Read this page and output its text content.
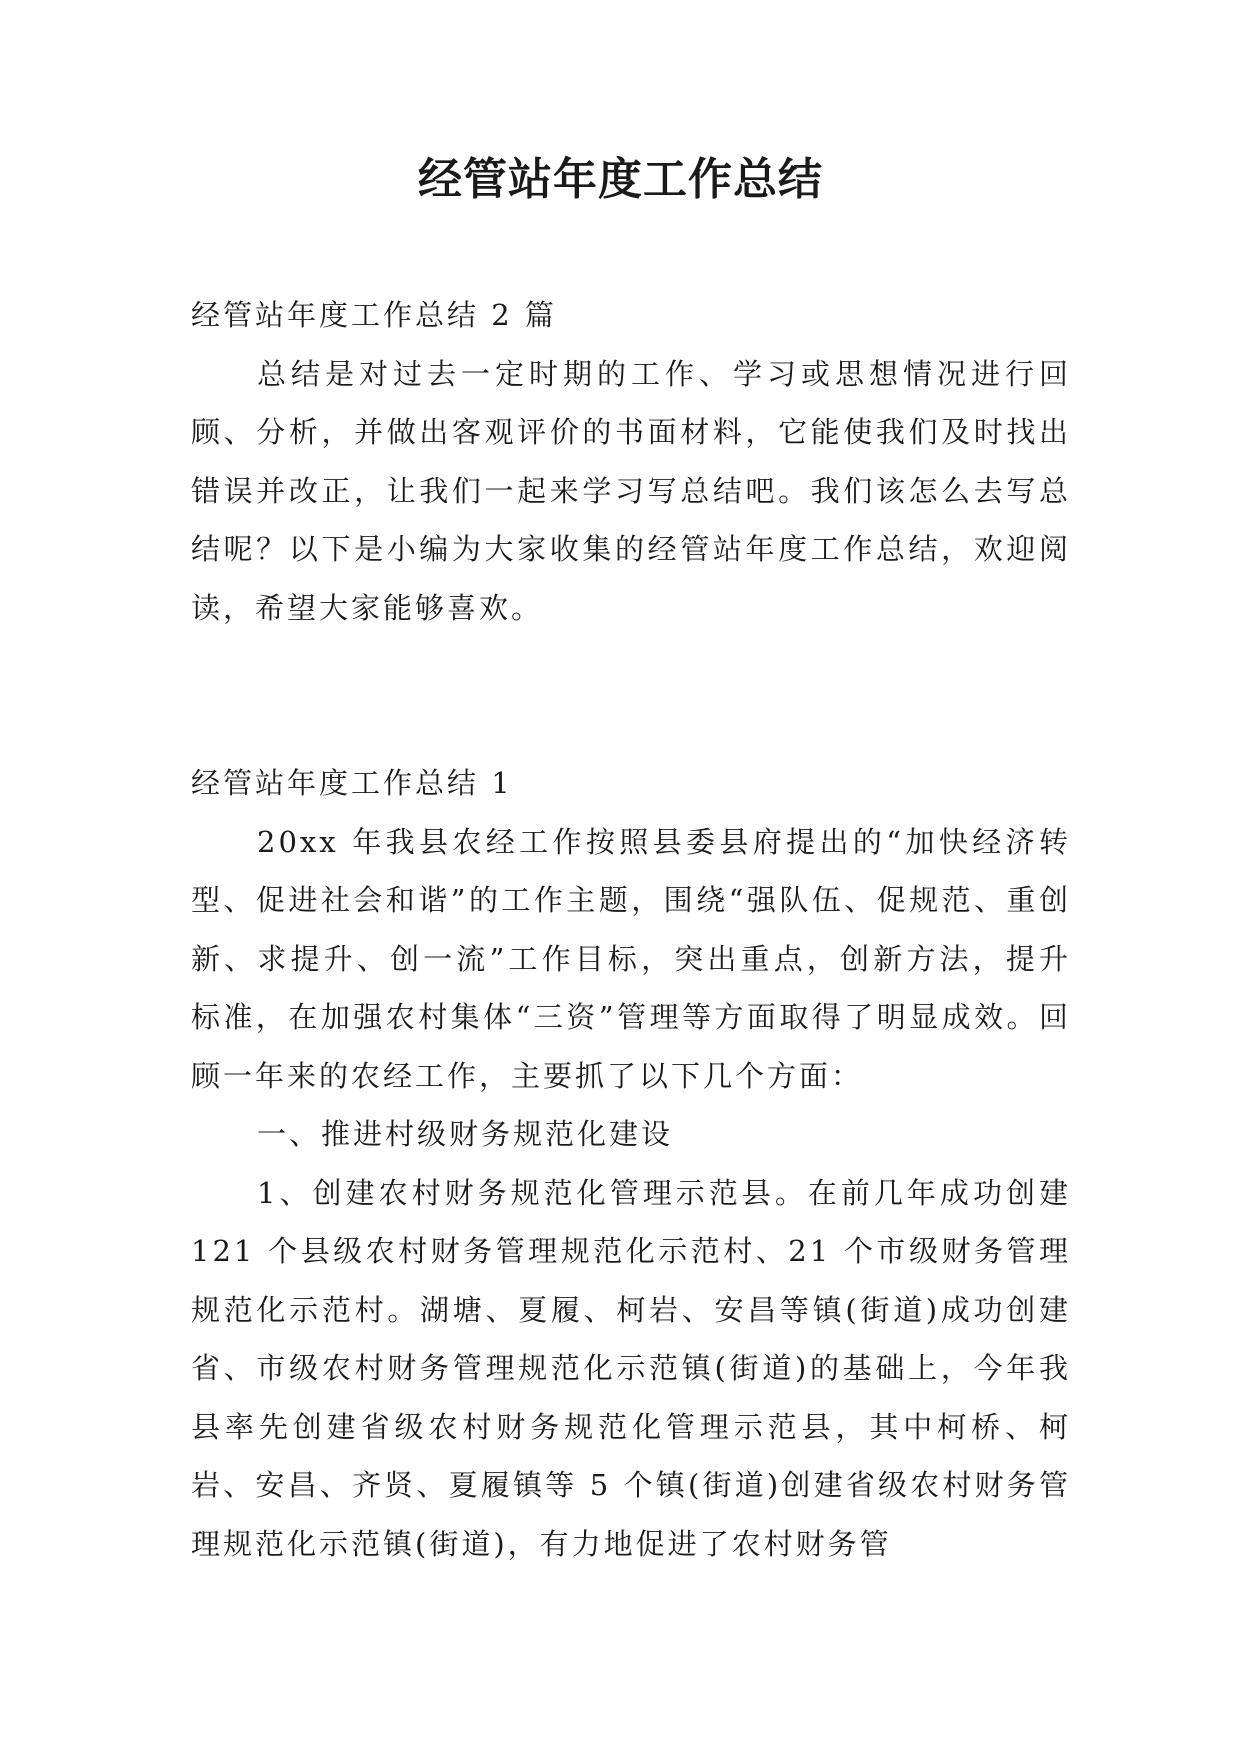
经管站年度工作总结

经管站年度工作总结 2 篇

总结是对过去一定时期的工作、学习或思想情况进行回顾、分析，并做出客观评价的书面材料，它能使我们及时找出错误并改正，让我们一起来学习写总结吧。我们该怎么去写总结呢？以下是小编为大家收集的经管站年度工作总结，欢迎阅读，希望大家能够喜欢。

经管站年度工作总结 1

20xx 年我县农经工作按照县委县府提出的“加快经济转型、促进社会和谐”的工作主题，围绕“强队伍、促规范、重创新、求提升、创一流”工作目标，突出重点，创新方法，提升标准，在加强农村集体“三资”管理等方面取得了明显成效。回顾一年来的农经工作，主要抓了以下几个方面：

一、推进村级财务规范化建设

1、创建农村财务规范化管理示范县。在前几年成功创建 121 个县级农村财务管理规范化示范村、21 个市级财务管理规范化示范村。湖塘、夏履、柯岩、安昌等镇(街道)成功创建省、市级农村财务管理规范化示范镇(街道)的基础上，今年我县率先创建省级农村财务规范化管理示范县，其中柯桥、柯岩、安昌、齐贤、夏履镇等 5 个镇(街道)创建省级农村财务管理规范化示范镇(街道)，有力地促进了农村财务管
